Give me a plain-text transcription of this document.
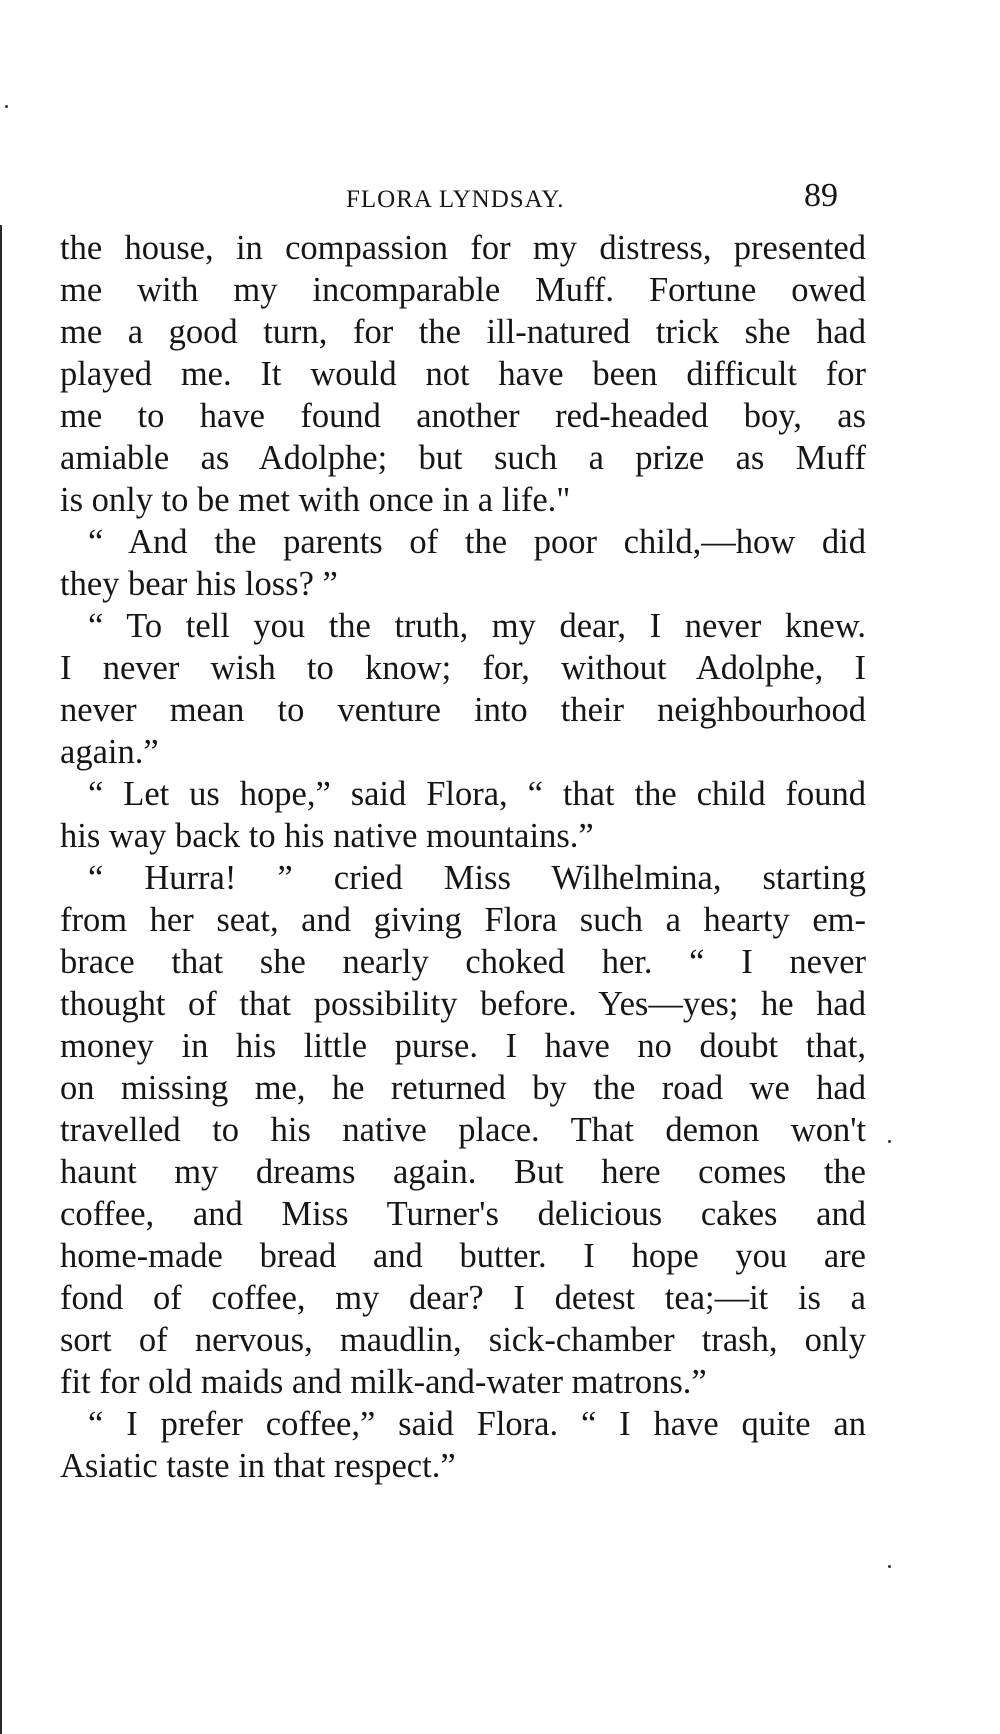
FLORA LYNDSAY.	89
the house, in compassion for my distress, presented
me with my incomparable Muff. Fortune owed
me a good turn, for the ill-natured trick she had
played me. It would not have been difficult for
me to have found another red-headed boy, as
amiable as Adolphe; but such a prize as Muff
is only to be met with once in a life."
“ And the parents of the poor child,—how did
they bear his loss? ”
“ To tell you the truth, my dear, I never knew.
I never wish to know; for, without Adolphe, I
never mean to venture into their neighbourhood
again.”
“ Let us hope,” said Flora, “ that the child found
his way back to his native mountains.”
“ Hurra! ” cried Miss Wilhelmina, starting
from her seat, and giving Flora such a hearty em-
brace that she nearly choked her. “ I never
thought of that possibility before. Yes—yes; he had
money in his little purse. I have no doubt that,
on missing me, he returned by the road we had
travelled to his native place. That demon won't
haunt my dreams again. But here comes the
coffee, and Miss Turner's delicious cakes and
home-made bread and butter. I hope you are
fond of coffee, my dear? I detest tea;—it is a
sort of nervous, maudlin, sick-chamber trash, only
fit for old maids and milk-and-water matrons.”
“ I prefer coffee,” said Flora. “ I have quite an
Asiatic taste in that respect.”
